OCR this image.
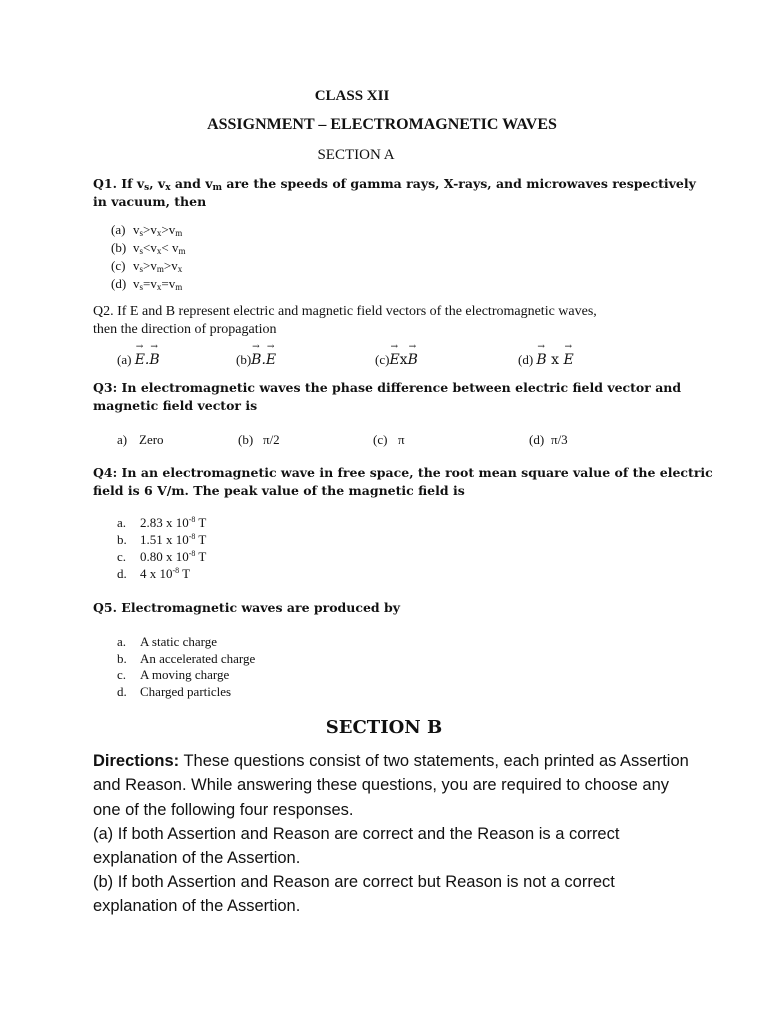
CLASS XII
ASSIGNMENT – ELECTROMAGNETIC WAVES
SECTION A
Q1. If $v_s$, $v_x$ and $v_m$ are the speeds of gamma rays, X-rays, and microwaves respectively
in vacuum, then
(a) $v_s>v_x>v_m$
(b) $v_s<v_x< v_m$
(c) $v_s>v_m>v_x$
(d) $v_s=v_x=v_m$
Q2. If E and B represent electric and magnetic field vectors of the electromagnetic waves,
then the direction of propagation
(a) → E.→ B	(b)→ B.→ E	(c)→ Ex→ B	(d) → B x → E
Q3: In electromagnetic waves the phase difference between electric field vector and
magnetic field vector is
a) Zero	(b) π/2	(c) π	(d) π/3
Q4: In an electromagnetic wave in free space, the root mean square value of the electric
field is 6 V/m. The peak value of the magnetic field is
a. 2.83 x $10^{-8}$ T
b. 1.51 x $10^{-8}$ T
c. 0.80 x $10^{-8}$ T
d. 4 x $10^{-8}$ T
Q5. Electromagnetic waves are produced by
a. A static charge
b. An accelerated charge
c. A moving charge
d. Charged particles
SECTION B
Directions: These questions consist of two statements, each printed as Assertion and Reason. While answering these questions, you are required to choose any one of the following four responses.
(a) If both Assertion and Reason are correct and the Reason is a correct explanation of the Assertion.
(b) If both Assertion and Reason are correct but Reason is not a correct explanation of the Assertion.
